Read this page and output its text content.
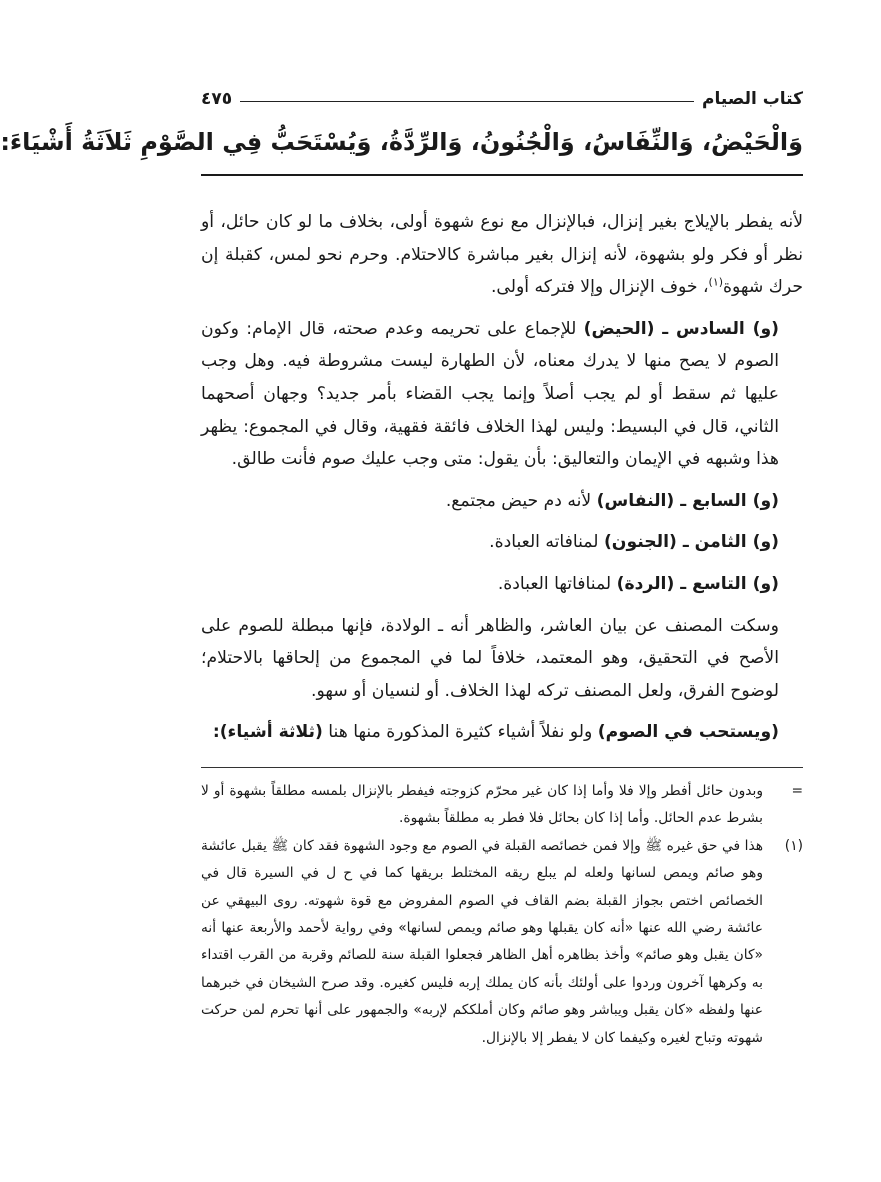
كتاب الصيام
٤٧٥
وَالْحَيْضُ، وَالنِّفَاسُ، وَالْجُنُونُ، وَالرِّدَّةُ، وَيُسْتَحَبُّ فِي الصَّوْمِ ثَلاَثَةُ أَشْيَاءَ:

لأنه يفطر بالإيلاج بغير إنزال، فبالإنزال مع نوع شهوة أولى، بخلاف ما لو كان حائل، أو نظر أو فكر ولو بشهوة، لأنه إنزال بغير مباشرة كالاحتلام. وحرم نحو لمس، كقبلة إن حرك شهوة$^{(١)}$، خوف الإنزال وإلا فتركه أولى.

(و) السادس ـ (الحيض) للإجماع على تحريمه وعدم صحته، قال الإمام: وكون الصوم لا يصح منها لا يدرك معناه، لأن الطهارة ليست مشروطة فيه. وهل وجب عليها ثم سقط أو لم يجب أصلاً وإنما يجب القضاء بأمر جديد؟ وجهان أصحهما الثاني، قال في البسيط: وليس لهذا الخلاف فائقة فقهية، وقال في المجموع: يظهر هذا وشبهه في الإيمان والتعاليق: بأن يقول: متى وجب عليك صوم فأنت طالق.

(و) السابع ـ (النفاس) لأنه دم حيض مجتمع.

(و) الثامن ـ (الجنون) لمنافاته العبادة.

(و) التاسع ـ (الردة) لمنافاتها العبادة.

وسكت المصنف عن بيان العاشر، والظاهر أنه ـ الولادة، فإنها مبطلة للصوم على الأصح في التحقيق، وهو المعتمد، خلافاً لما في المجموع من إلحاقها بالاحتلام؛ لوضوح الفرق، ولعل المصنف تركه لهذا الخلاف. أو لنسيان أو سهو.

(ويستحب في الصوم) ولو نفلاً أشياء كثيرة المذكورة منها هنا (ثلاثة أشياء):

=
وبدون حائل أفطر وإلا فلا وأما إذا كان غير محرّم كزوجته فيفطر بالإنزال بلمسه مطلقاً بشهوة أو لا بشرط عدم الحائل. وأما إذا كان بحائل فلا فطر به مطلقاً بشهوة.
(١)
هذا في حق غيره ﷺ وإلا فمن خصائصه القبلة في الصوم مع وجود الشهوة فقد كان ﷺ يقبل عائشة وهو صائم ويمص لسانها ولعله لم يبلع ريقه المختلط بريقها كما في ح ل في السيرة قال في الخصائص اختص بجواز القبلة بضم القاف في الصوم المفروض مع قوة شهوته. روى البيهقي عن عائشة رضي الله عنها «أنه كان يقبلها وهو صائم ويمص لسانها» وفي رواية لأحمد والأربعة عنها أنه «كان يقبل وهو صائم» وأخذ بظاهره أهل الظاهر فجعلوا القبلة سنة للصائم وقربة من القرب اقتداء به وكرهها آخرون وردوا على أولئك بأنه كان يملك إربه فليس كغيره. وقد صرح الشيخان في خبرهما عنها ولفظه «كان يقبل ويباشر وهو صائم وكان أملككم لإربه» والجمهور على أنها تحرم لمن حركت شهوته وتباح لغيره وكيفما كان لا يفطر إلا بالإنزال.
